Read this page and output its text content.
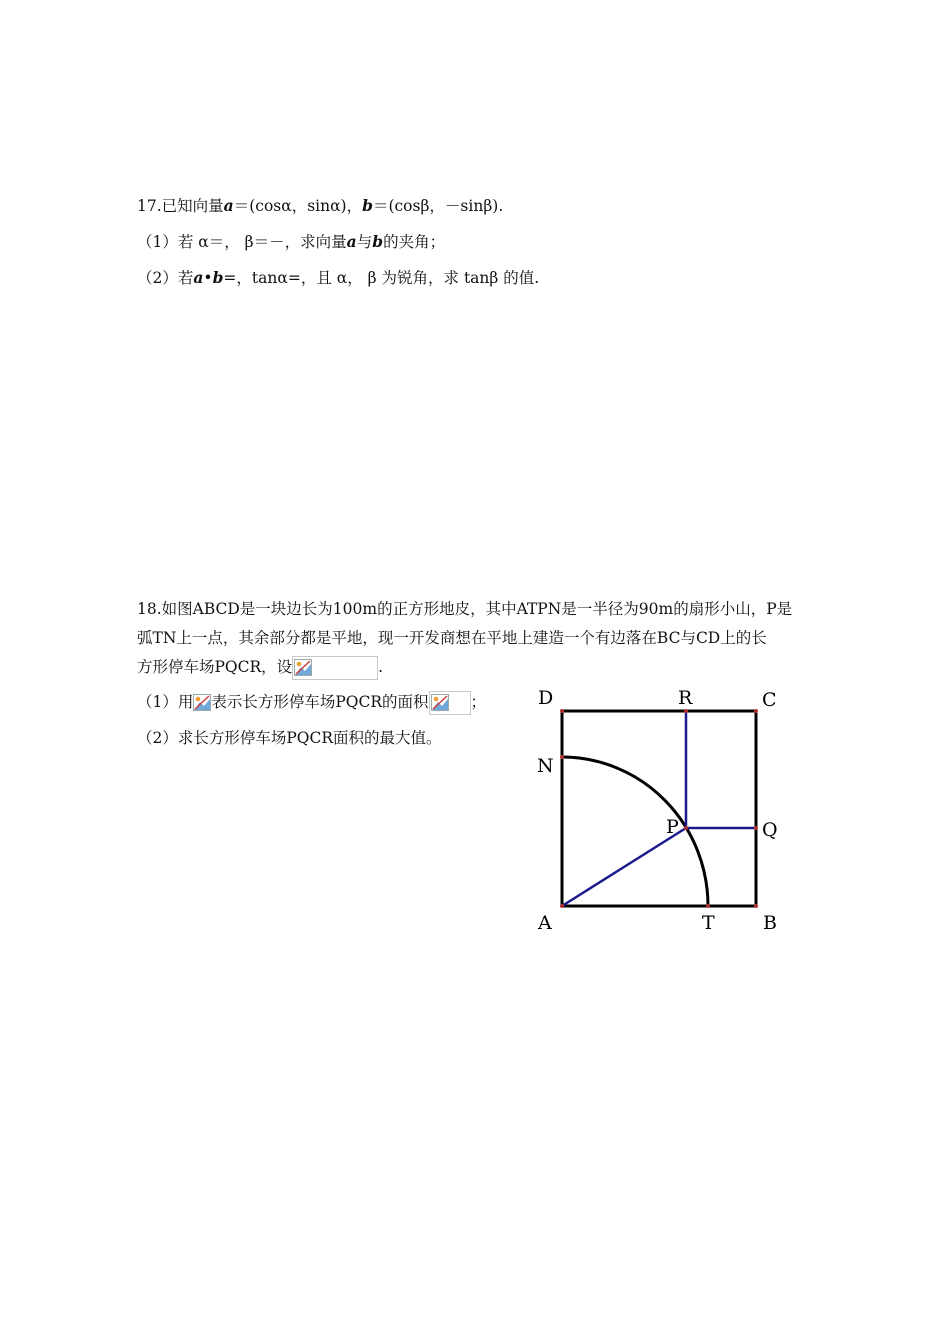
17.已知向量a＝(cosα，sinα)，b＝(cosβ，－sinβ).
（1）若 α＝， β＝－，求向量a与b的夹角；
（2）若a•b=，tanα=，且 α， β 为锐角，求 tanβ 的值.
18.如图ABCD是一块边长为100m的正方形地皮，其中ATPN是一半径为90m的扇形小山，P是
弧TN上一点，其余部分都是平地，现一开发商想在平地上建造一个有边落在BC与CD上的长
方形停车场PQCR，设	.
（1）用 表示长方形停车场PQCR的面积	；
（2）求长方形停车场PQCR面积的最大值。
D	R	C
N
P	Q
A	T	B
